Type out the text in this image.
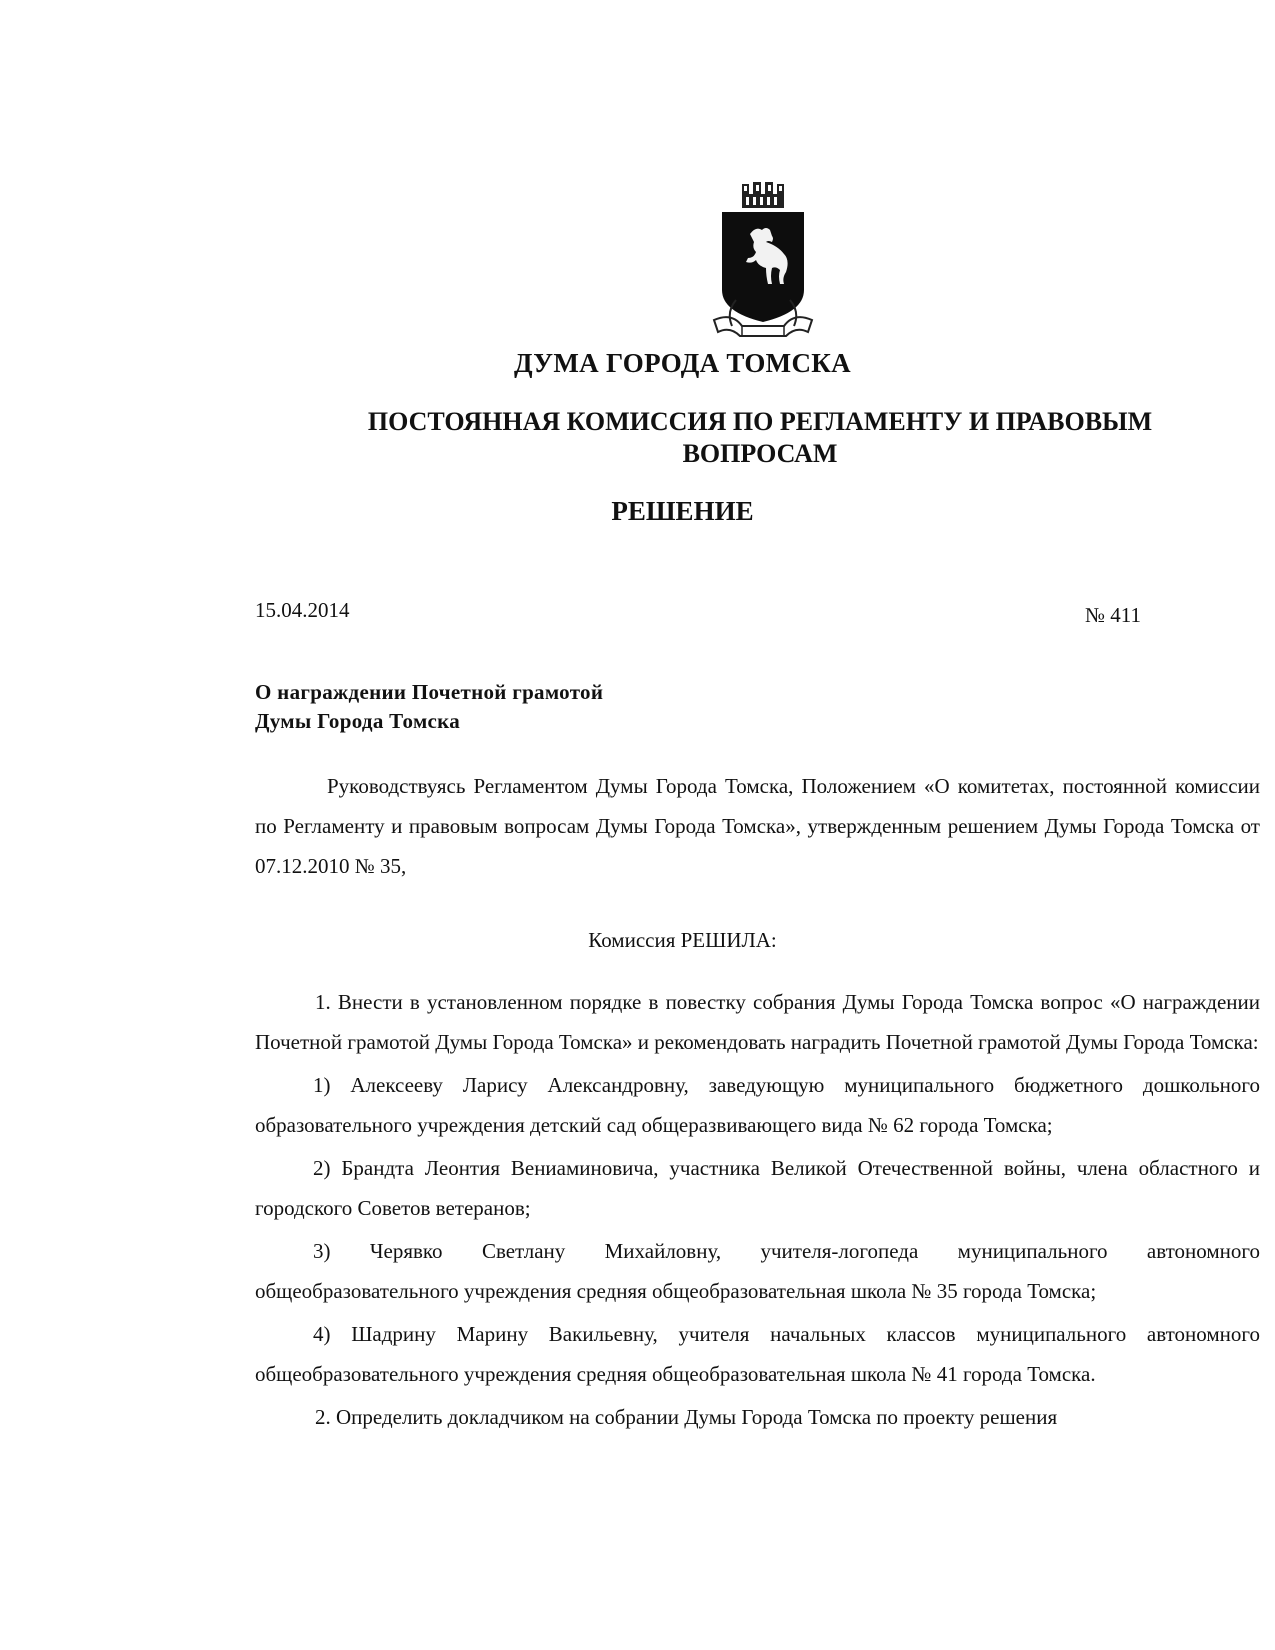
ДУМА ГОРОДА ТОМСКА
ПОСТОЯННАЯ КОМИССИЯ ПО РЕГЛАМЕНТУ И ПРАВОВЫМ ВОПРОСАМ
РЕШЕНИЕ
15.04.2014	№ 411
О награждении Почетной грамотой
Думы Города Томска

Руководствуясь Регламентом Думы Города Томска, Положением «О комитетах, постоянной комиссии по Регламенту и правовым вопросам Думы Города Томска», утвержденным решением Думы Города Томска от 07.12.2010 № 35,

Комиссия РЕШИЛА:

1. Внести в установленном порядке в повестку собрания Думы Города Томска вопрос «О награждении Почетной грамотой Думы Города Томска» и рекомендовать наградить Почетной грамотой Думы Города Томска:

1) Алексееву Ларису Александровну, заведующую муниципального бюджетного дошкольного образовательного учреждения детский сад общеразвивающего вида № 62 города Томска;

2) Брандта Леонтия Вениаминовича, участника Великой Отечественной войны, члена областного и городского Советов ветеранов;

3) Черявко Светлану Михайловну, учителя-логопеда муниципального автономного общеобразовательного учреждения средняя общеобразовательная школа № 35 города Томска;

4) Шадрину Марину Вакильевну, учителя начальных классов муниципального автономного общеобразовательного учреждения средняя общеобразовательная школа № 41 города Томска.

2. Определить докладчиком на собрании Думы Города Томска по проекту решения
